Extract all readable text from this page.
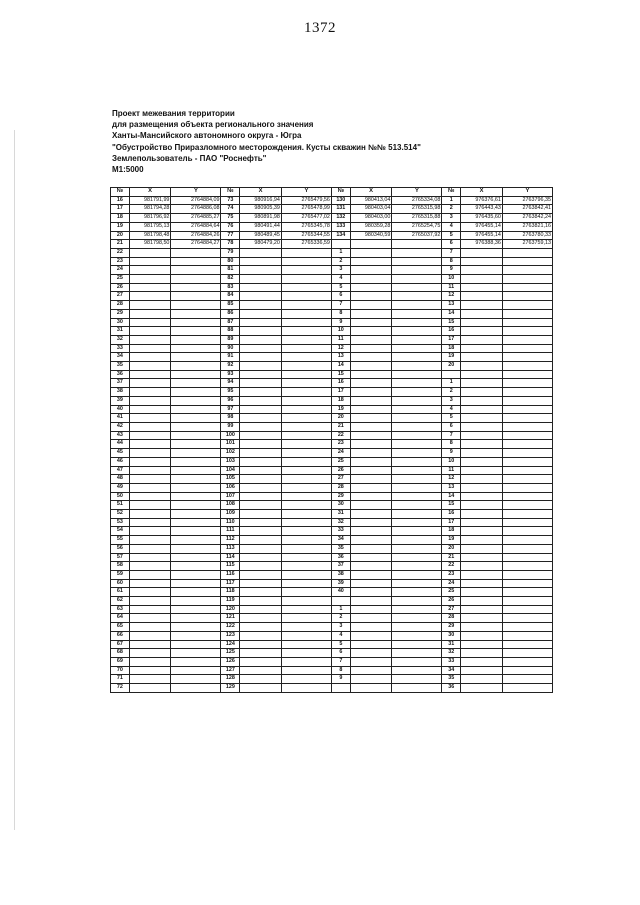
1372
Проект межевания территории
для размещения объекта регионального значения
Ханты-Мансийского автономного округа - Югра
"Обустройство Приразломного месторождения. Кусты скважин №№ 513.514"
Землепользователь - ПАО "Роснефть"
М1:5000
№	X	Y	№	X	Y	№	X	Y	№	X	Y
16	981791,99	2764884,09	73	980916,94	2765479,56	130	980413,04	2765334,08	1	976376,61	2763796,35
17	981794,28	2764886,08	74	980905,39	2765478,99	131	980403,04	2765315,98	2	976443,43	2763842,41
18	981796,92	2764885,27	75	980891,98	2765477,02	132	980403,00	2765315,88	3	976435,60	2763842,24
19	981795,13	2764884,64	76	980491,44	2765345,78	133	980359,28	2765254,75	4	976455,14	2763821,16
20	981798,48	2764884,26	77	980489,45	2765344,55	134	980340,59	2765037,92	5	976455,14	2763780,33
21	981798,50	2764884,27	78	980479,20	2765336,59				6	976388,36	2763759,13
22			79			1			7		
23			80			2			8		
24			81			3			9		
25			82			4			10		
26			83			5			11		
27			84			6			12		
28			85			7			13		
29			86			8			14		
30			87			9			15		
31			88			10			16		
32			89			11			17		
33			90			12			18		
34			91			13			19		
35			92			14			20		
36			93			15					
37			94			16			1		
38			95			17			2		
39			96			18			3		
40			97			19			4		
41			98			20			5		
42			99			21			6		
43			100			22			7		
44			101			23			8		
45			102			24			9		
46			103			25			10		
47			104			26			11		
48			105			27			12		
49			106			28			13		
50			107			29			14		
51			108			30			15		
52			109			31			16		
53			110			32			17		
54			111			33			18		
55			112			34			19		
56			113			35			20		
57			114			36			21		
58			115			37			22		
59			116			38			23		
60			117			39			24		
61			118			40			25		
62			119						26		
63			120			1			27		
64			121			2			28		
65			122			3			29		
66			123			4			30		
67			124			5			31		
68			125			6			32		
69			126			7			33		
70			127			8			34		
71			128			9			35		
72			129						36		
